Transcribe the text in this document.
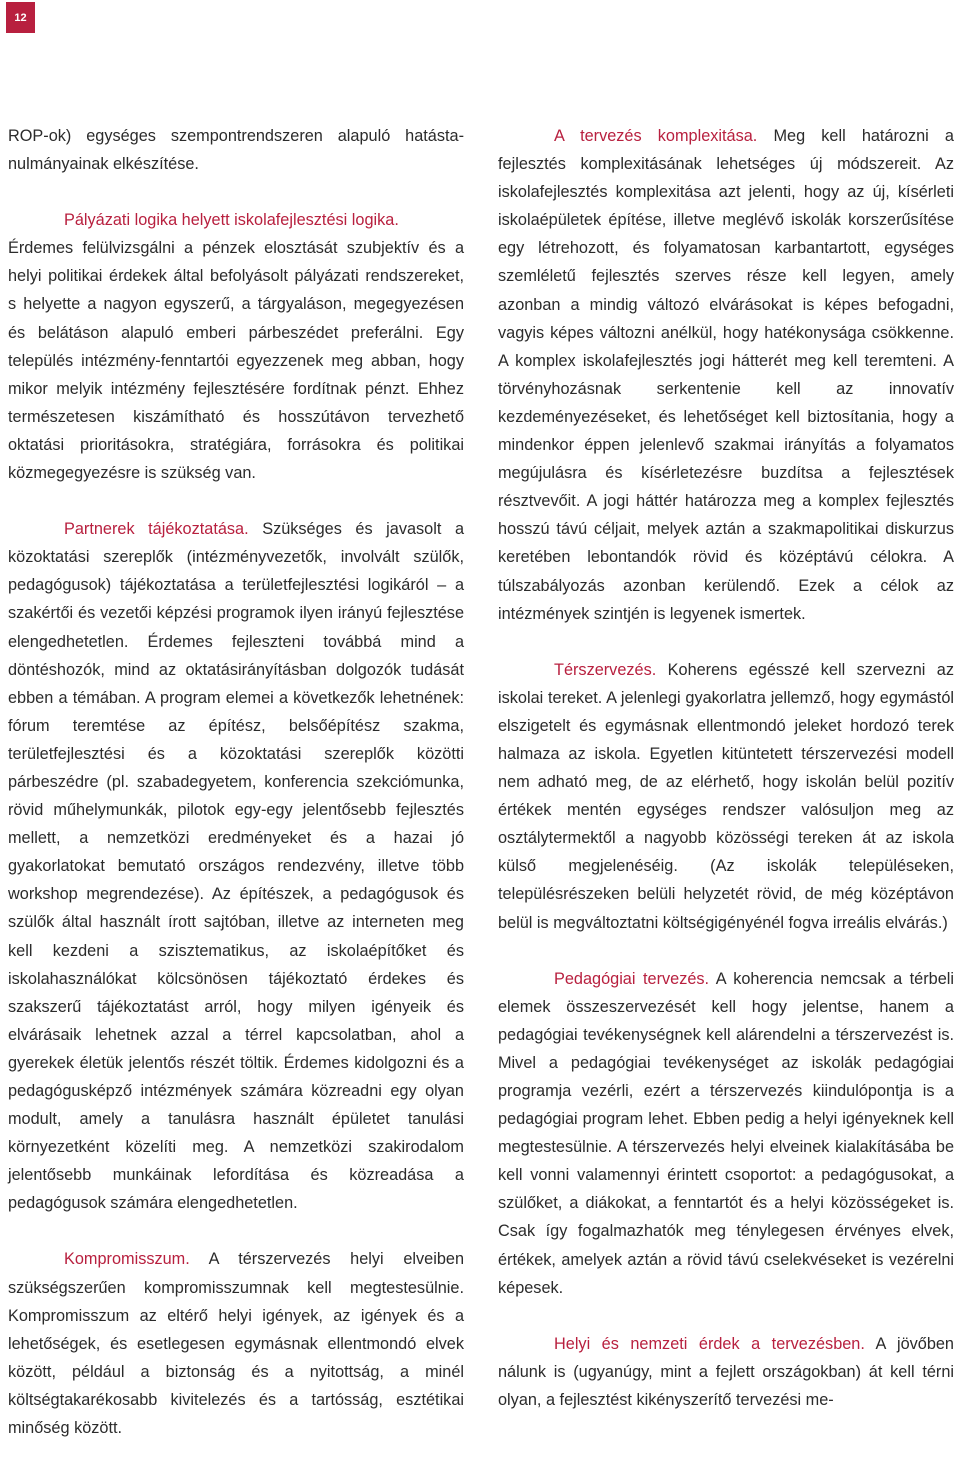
12

ROP-ok) egységes szempontrendszeren alapuló hatástanulmányainak elkészítése.

Pályázati logika helyett iskolafejlesztési logika.

Érdemes felülvizsgálni a pénzek elosztását szubjektív és a helyi politikai érdekek által befolyásolt pályázati rendszereket, s helyette a nagyon egyszerű, a tárgyaláson, megegyezésen és belátáson alapuló emberi párbeszédet preferálni. Egy település intézmény-fenntartói egyezzenek meg abban, hogy mikor melyik intézmény fejlesztésére fordítnak pénzt. Ehhez természetesen kiszámítható és hosszútávon tervezhető oktatási prioritásokra, stratégiára, forrásokra és politikai közmegegyezésre is szükség van.

Partnerek tájékoztatása. Szükséges és javasolt a közoktatási szereplők (intézményvezetők, involvált szülők, pedagógusok) tájékoztatása a területfejlesztési logikáról – a szakértői és vezetői képzési programok ilyen irányú fejlesztése elengedhetetlen. Érdemes fejleszteni továbbá mind a döntéshozók, mind az oktatásirányításban dolgozók tudását ebben a témában. A program elemei a következők lehetnének: fórum teremtése az építész, belsőépítész szakma, területfejlesztési és a közoktatási szereplők közötti párbeszédre (pl. szabadegyetem, konferencia szekciómunka, rövid műhelymunkák, pilotok egy-egy jelentősebb fejlesztés mellett, a nemzetközi eredményeket és a hazai jó gyakorlatokat bemutató országos rendezvény, illetve több workshop megrendezése). Az építészek, a pedagógusok és szülők által használt írott sajtóban, illetve az interneten meg kell kezdeni a szisztematikus, az iskolaépítőket és iskolahasználókat kölcsönösen tájékoztató érdekes és szakszerű tájékoztatást arról, hogy milyen igényeik és elvárásaik lehetnek azzal a térrel kapcsolatban, ahol a gyerekek életük jelentős részét töltik. Érdemes kidolgozni és a pedagógusképző intézmények számára közreadni egy olyan modult, amely a tanulásra használt épületet tanulási környezetként közelíti meg. A nemzetközi szakirodalom jelentősebb munkáinak lefordítása és közreadása a pedagógusok számára elengedhetetlen.

Kompromisszum. A térszervezés helyi elveiben szükségszerűen kompromisszumnak kell megtestesülnie. Kompromisszum az eltérő helyi igények, az igények és a lehetőségek, és esetlegesen egymásnak ellentmondó elvek között, például a biztonság és a nyitottság, a minél költségtakarékosabb kivitelezés és a tartósság, esztétikai minőség között.

A tervezés komplexitása. Meg kell határozni a fejlesztés komplexitásának lehetséges új módszereit. Az iskolafejlesztés komplexitása azt jelenti, hogy az új, kísérleti iskolaépületek építése, illetve meglévő iskolák korszerűsítése egy létrehozott, és folyamatosan karbantartott, egységes szemléletű fejlesztés szerves része kell legyen, amely azonban a mindig változó elvárásokat is képes befogadni, vagyis képes változni anélkül, hogy hatékonysága csökkenne. A komplex iskolafejlesztés jogi hátterét meg kell teremteni. A törvényhozásnak serkentenie kell az innovatív kezdeményezéseket, és lehetőséget kell biztosítania, hogy a mindenkor éppen jelenlevő szakmai irányítás a folyamatos megújulásra és kísérletezésre buzdítsa a fejlesztések résztvevőit. A jogi háttér határozza meg a komplex fejlesztés hosszú távú céljait, melyek aztán a szakmapolitikai diskurzus keretében lebontandók rövid és középtávú célokra. A túlszabályozás azonban kerülendő. Ezek a célok az intézmények szintjén is legyenek ismertek.

Térszervezés. Koherens egésszé kell szervezni az iskolai tereket. A jelenlegi gyakorlatra jellemző, hogy egymástól elszigetelt és egymásnak ellentmondó jeleket hordozó terek halmaza az iskola. Egyetlen kitüntetett térszervezési modell nem adható meg, de az elérhető, hogy iskolán belül pozitív értékek mentén egységes rendszer valósuljon meg az osztálytermektől a nagyobb közösségi tereken át az iskola külső megjelenéséig. (Az iskolák településeken, településrészeken belüli helyzetét rövid, de még középtávon belül is megváltoztatni költségigényénél fogva irreális elvárás.)

Pedagógiai tervezés. A koherencia nemcsak a térbeli elemek összeszervezését kell hogy jelentse, hanem a pedagógiai tevékenységnek kell alárendelni a térszervezést is. Mivel a pedagógiai tevékenységet az iskolák pedagógiai programja vezérli, ezért a térszervezés kiindulópontja is a pedagógiai program lehet. Ebben pedig a helyi igényeknek kell megtestesülnie. A térszervezés helyi elveinek kialakításába be kell vonni valamennyi érintett csoportot: a pedagógusokat, a szülőket, a diákokat, a fenntartót és a helyi közösségeket is. Csak így fogalmazhatók meg ténylegesen érvényes elvek, értékek, amelyek aztán a rövid távú cselekvéseket is vezérelni képesek.

Helyi és nemzeti érdek a tervezésben. A jövőben nálunk is (ugyanúgy, mint a fejlett országokban) át kell térni olyan, a fejlesztést kikényszerítő tervezési me-
